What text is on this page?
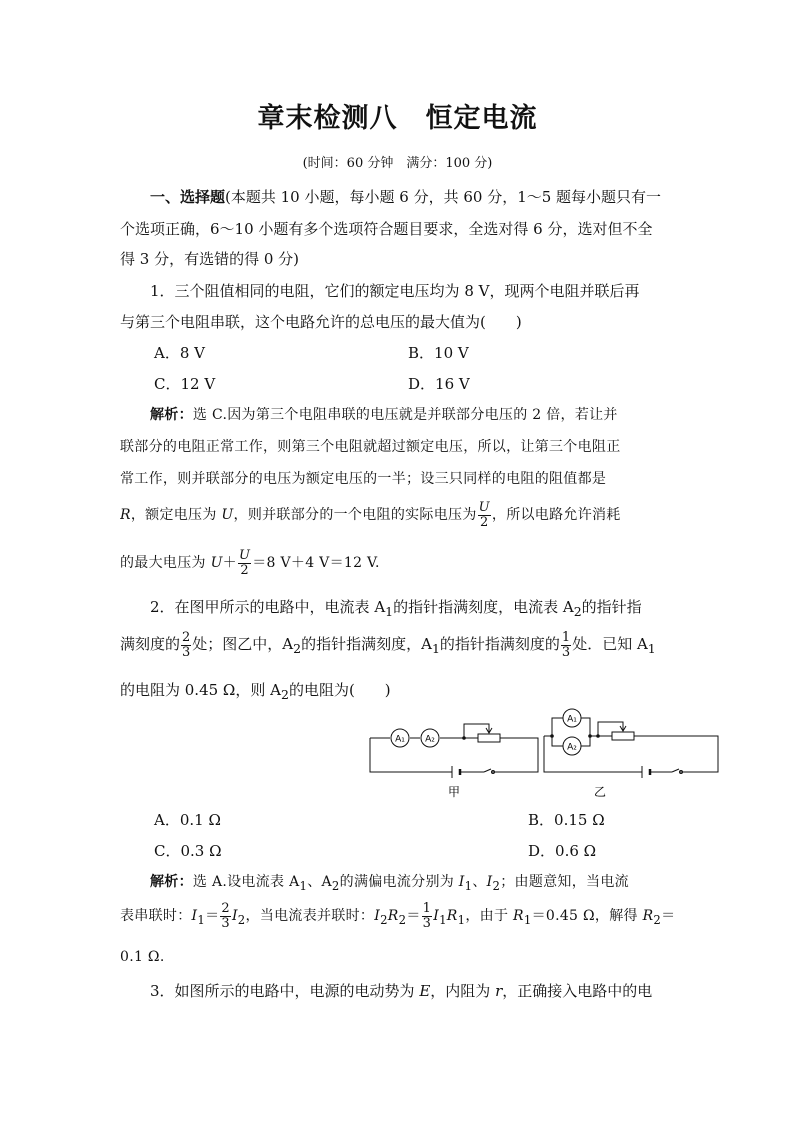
章末检测八　恒定电流
(时间：60 分钟　满分：100 分)
一、选择题(本题共 10 小题，每小题 6 分，共 60 分，1～5 题每小题只有一
个选项正确，6～10 小题有多个选项符合题目要求，全选对得 6 分，选对但不全
得 3 分，有选错的得 0 分)
1．三个阻值相同的电阻，它们的额定电压均为 8 V，现两个电阻并联后再
与第三个电阻串联，这个电路允许的总电压的最大值为(　　)
A．8 V	B．10 V
C．12 V	D．16 V
解析：选 C.因为第三个电阻串联的电压就是并联部分电压的 2 倍，若让并
联部分的电阻正常工作，则第三个电阻就超过额定电压，所以，让第三个电阻正
常工作，则并联部分的电压为额定电压的一半；设三只同样的电阻的阻值都是
R，额定电压为 U，则并联部分的一个电阻的实际电压为 $\frac{U}{2}$ ，所以电路允许消耗
的最大电压为 $U+ \frac{U}{2} =8$ V＋4 V＝12 V.
2．在图甲所示的电路中，电流表 $A_1$的指针指满刻度，电流表 $A_2$的指针指
满刻度的 $\frac{2}{3}$ 处；图乙中，$A_2$的指针指满刻度，$A_1$的指针指满刻度的 $\frac{1}{3}$ 处．已知 $A_1$
的电阻为 0.45 Ω，则 $A_2$的电阻为(　　)
A₁ A₂
甲
A₁
A₂
乙
A．0.1 Ω	B．0.15 Ω
C．0.3 Ω	D．0.6 Ω
解析：选 A.设电流表 $A_1$、$A_2$的满偏电流分别为 $I_1$、$I_2$；由题意知，当电流
表串联时：$I_1= \frac{2}{3} I_2$，当电流表并联时：$I_2R_2= \frac{1}{3} I_1R_1$，由于 $R_1=0.45$ Ω，解得 $R_2=$
0.1 Ω.
3．如图所示的电路中，电源的电动势为 E，内阻为 r，正确接入电路中的电
